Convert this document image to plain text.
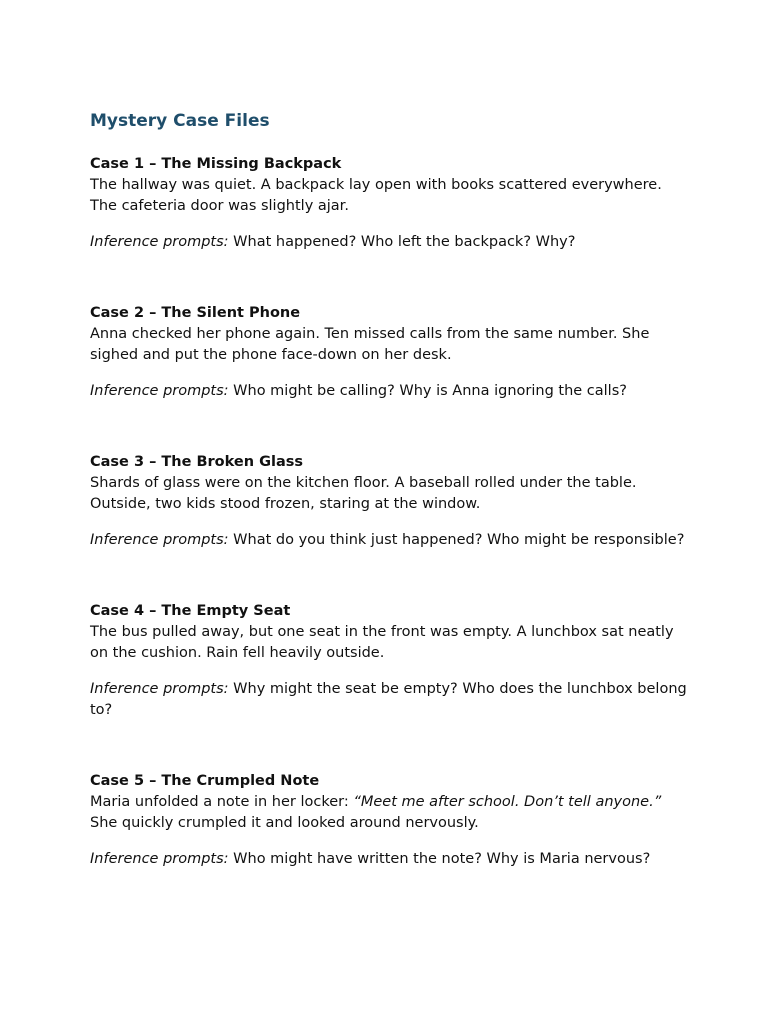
Mystery Case Files

Case 1 – The Missing Backpack

The hallway was quiet. A backpack lay open with books scattered everywhere. The cafeteria door was slightly ajar.

Inference prompts: What happened? Who left the backpack? Why?

Case 2 – The Silent Phone

Anna checked her phone again. Ten missed calls from the same number. She sighed and put the phone face-down on her desk.

Inference prompts: Who might be calling? Why is Anna ignoring the calls?

Case 3 – The Broken Glass

Shards of glass were on the kitchen floor. A baseball rolled under the table. Outside, two kids stood frozen, staring at the window.

Inference prompts: What do you think just happened? Who might be responsible?

Case 4 – The Empty Seat

The bus pulled away, but one seat in the front was empty. A lunchbox sat neatly on the cushion. Rain fell heavily outside.

Inference prompts: Why might the seat be empty? Who does the lunchbox belong to?

Case 5 – The Crumpled Note

Maria unfolded a note in her locker: “Meet me after school. Don’t tell anyone.” She quickly crumpled it and looked around nervously.

Inference prompts: Who might have written the note? Why is Maria nervous?
